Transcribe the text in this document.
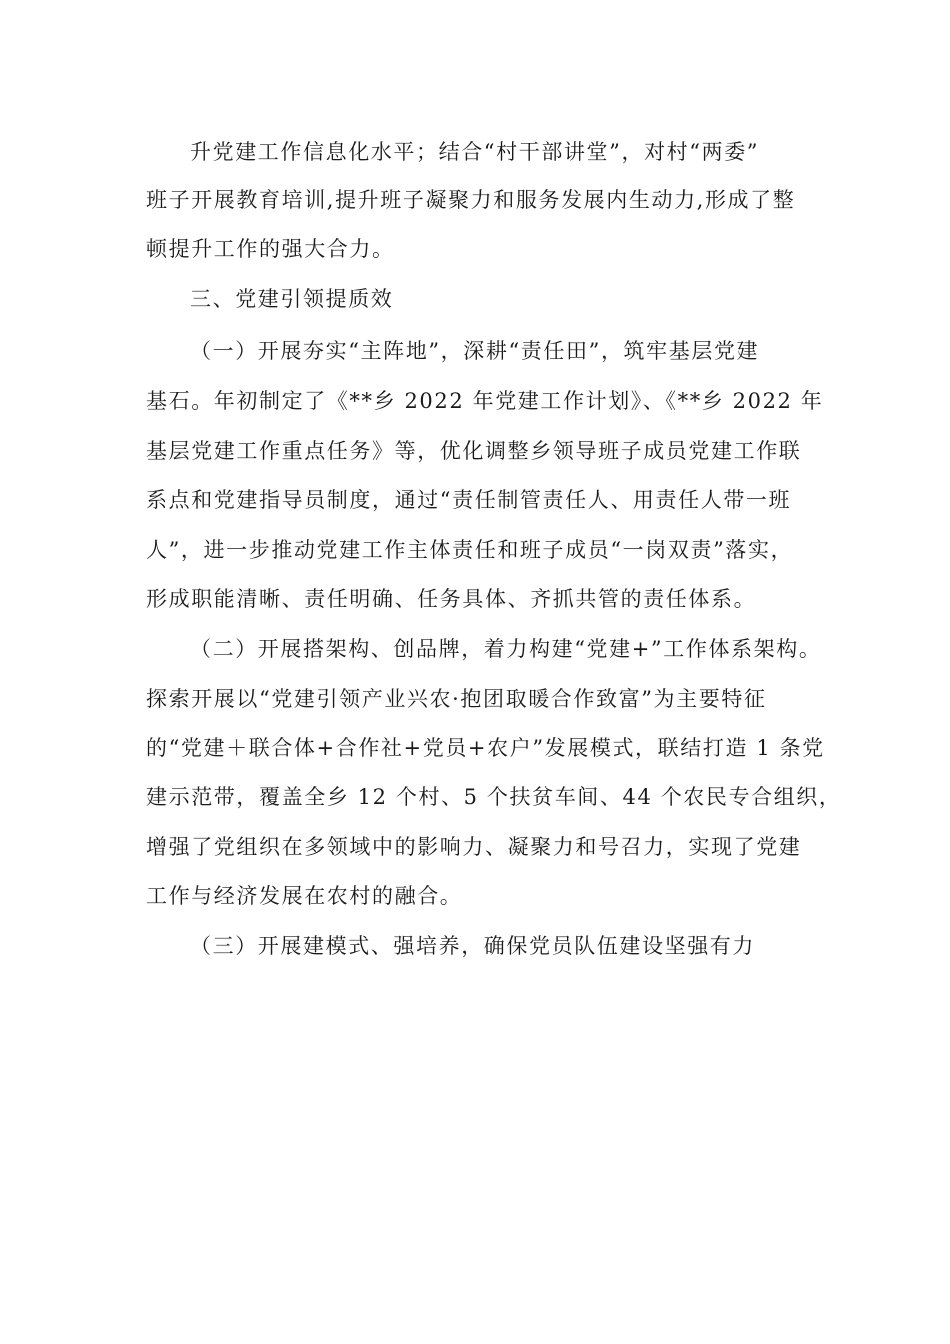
升党建工作信息化水平；结合“村干部讲堂”，对村“两委”
班子开展教育培训,提升班子凝聚力和服务发展内生动力,形成了整
顿提升工作的强大合力。
三、党建引领提质效
（一）开展夯实“主阵地”，深耕“责任田”，筑牢基层党建
基石。年初制定了《**乡 2022 年党建工作计划》、《**乡 2022 年
基层党建工作重点任务》等，优化调整乡领导班子成员党建工作联
系点和党建指导员制度，通过“责任制管责任人、用责任人带一班
人”，进一步推动党建工作主体责任和班子成员“一岗双责”落实，
形成职能清晰、责任明确、任务具体、齐抓共管的责任体系。
（二）开展搭架构、创品牌，着力构建“党建+”工作体系架构。
探索开展以“党建引领产业兴农·抱团取暖合作致富”为主要特征
的“党建＋联合体+合作社+党员+农户”发展模式，联结打造 1 条党
建示范带，覆盖全乡 12 个村、5 个扶贫车间、44 个农民专合组织，
增强了党组织在多领域中的影响力、凝聚力和号召力，实现了党建
工作与经济发展在农村的融合。
（三）开展建模式、强培养，确保党员队伍建设坚强有力
